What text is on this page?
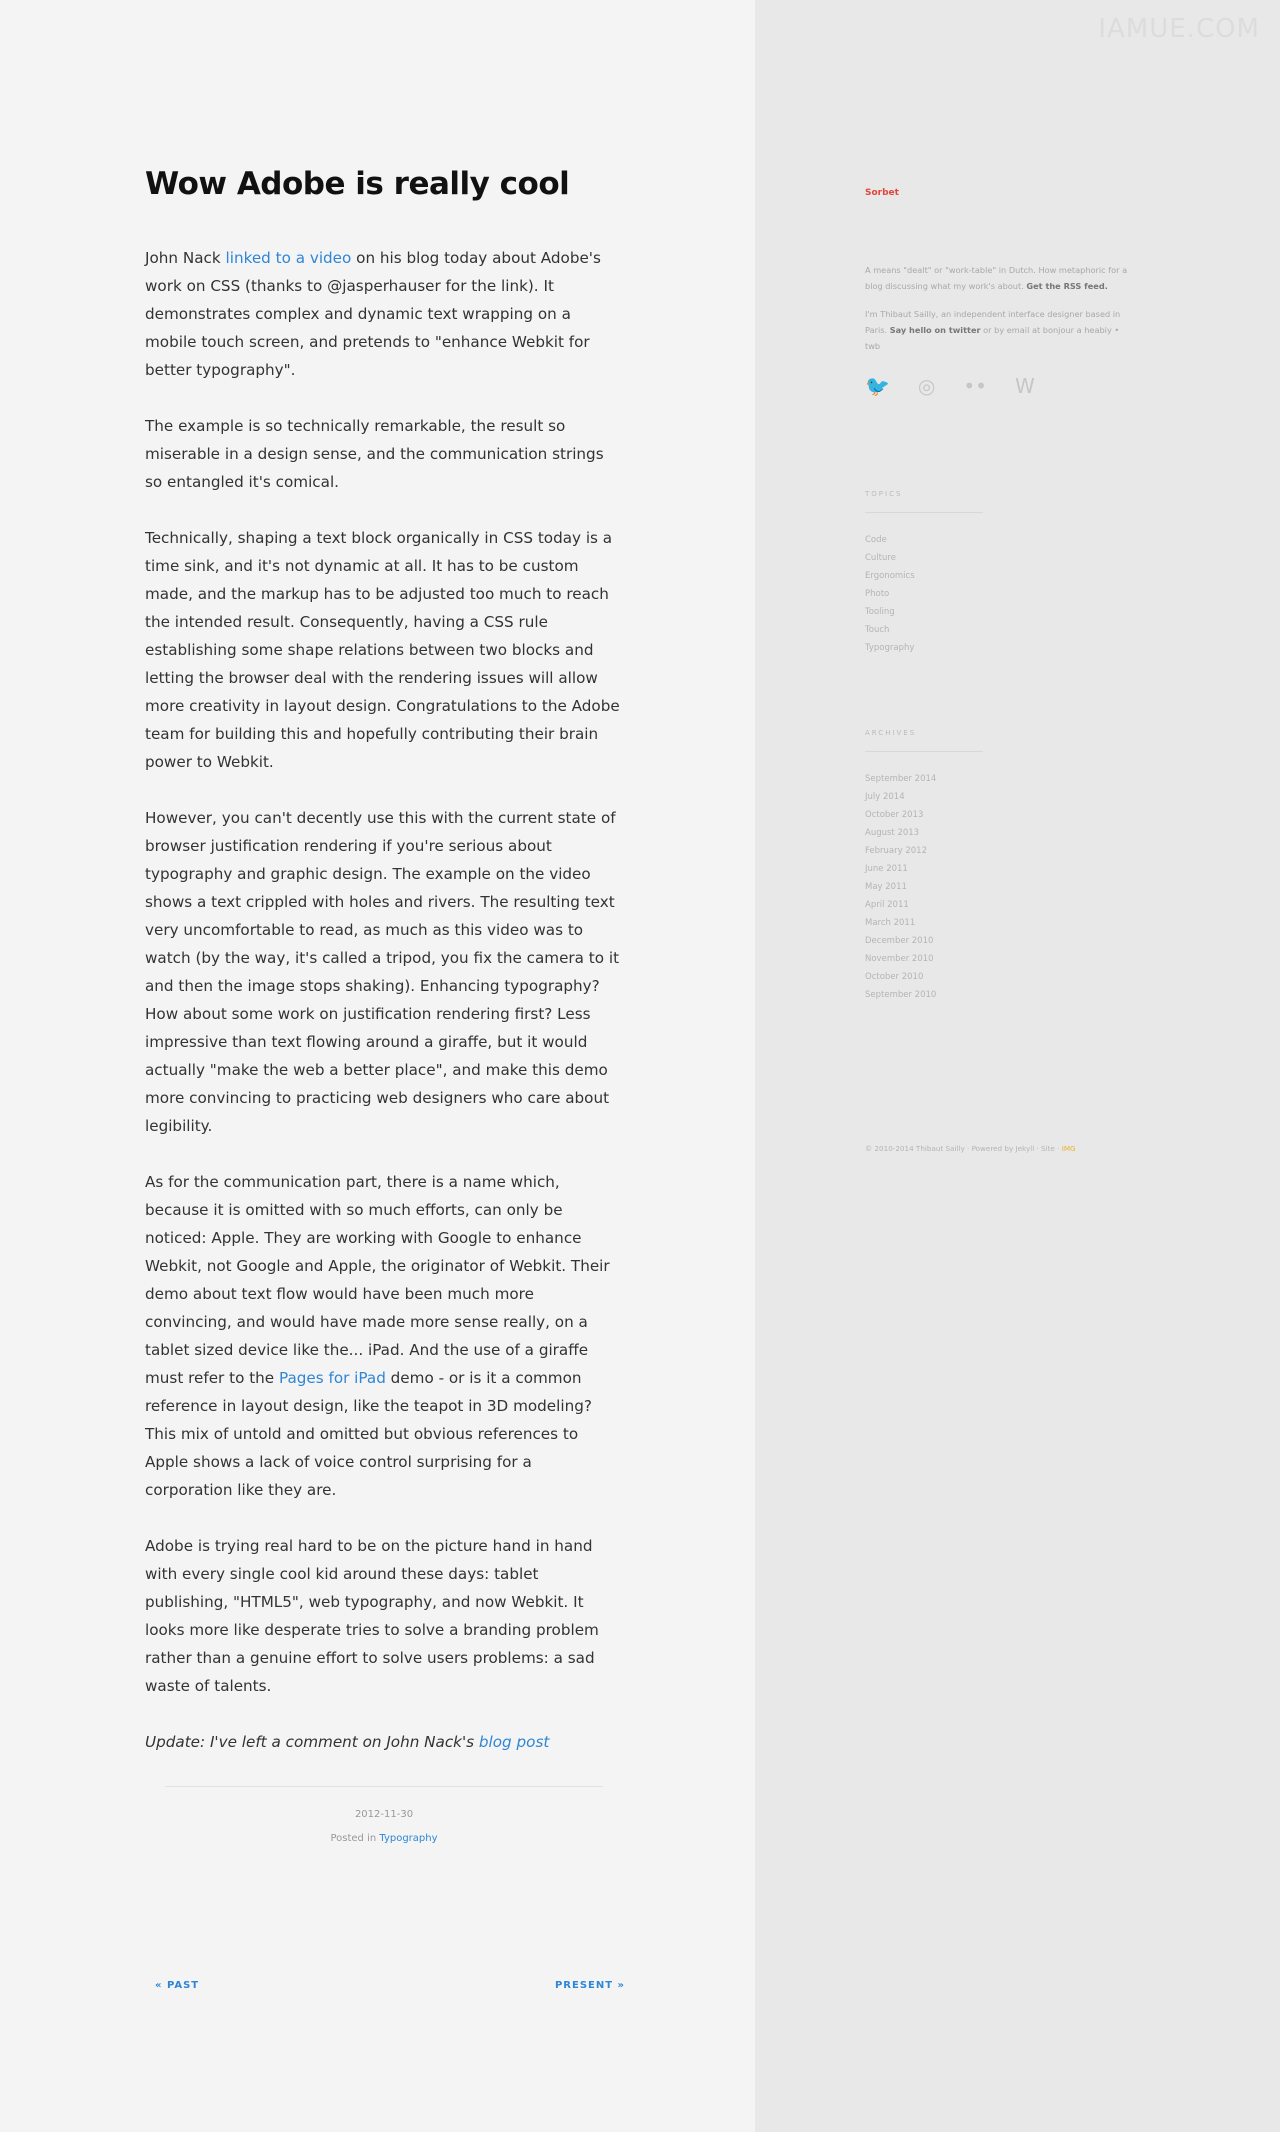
Wow Adobe is really cool

John Nack linked to a video on his blog today about Adobe's work on CSS (thanks to @jasperhauser for the link). It demonstrates complex and dynamic text wrapping on a mobile touch screen, and pretends to "enhance Webkit for better typography".

The example is so technically remarkable, the result so miserable in a design sense, and the communication strings so entangled it's comical.

Technically, shaping a text block organically in CSS today is a time sink, and it's not dynamic at all. It has to be custom made, and the markup has to be adjusted too much to reach the intended result. Consequently, having a CSS rule establishing some shape relations between two blocks and letting the browser deal with the rendering issues will allow more creativity in layout design. Congratulations to the Adobe team for building this and hopefully contributing their brain power to Webkit.

However, you can't decently use this with the current state of browser justification rendering if you're serious about typography and graphic design. The example on the video shows a text crippled with holes and rivers. The resulting text very uncomfortable to read, as much as this video was to watch (by the way, it's called a tripod, you fix the camera to it and then the image stops shaking). Enhancing typography? How about some work on justification rendering first? Less impressive than text flowing around a giraffe, but it would actually "make the web a better place", and make this demo more convincing to practicing web designers who care about legibility.

As for the communication part, there is a name which, because it is omitted with so much efforts, can only be noticed: Apple. They are working with Google to enhance Webkit, not Google and Apple, the originator of Webkit. Their demo about text flow would have been much more convincing, and would have made more sense really, on a tablet sized device like the... iPad. And the use of a giraffe must refer to the Pages for iPad demo - or is it a common reference in layout design, like the teapot in 3D modeling? This mix of untold and omitted but obvious references to Apple shows a lack of voice control surprising for a corporation like they are.

Adobe is trying real hard to be on the picture hand in hand with every single cool kid around these days: tablet publishing, "HTML5", web typography, and now Webkit. It looks more like desperate tries to solve a branding problem rather than a genuine effort to solve users problems: a sad waste of talents.

Update: I've left a comment on John Nack's blog post

2012-11-30
Posted in Typography
« PAST	PRESENT »
IAMUE.COM
Sorbet

A means "dealt" or "work-table" in Dutch. How metaphoric for a blog discussing what my work's about. Get the RSS feed.

I'm Thibaut Sailly, an independent interface designer based in Paris. Say hello on twitter or by email at bonjour a heabiy • twb

🐦 ◎ •• W
TOPICS
Code
Culture
Ergonomics
Photo
Tooling
Touch
Typography
ARCHIVES
September 2014
July 2014
October 2013
August 2013
February 2012
June 2011
May 2011
April 2011
March 2011
December 2010
November 2010
October 2010
September 2010
© 2010-2014 Thibaut Sailly · Powered by Jekyll · Site · IMG
